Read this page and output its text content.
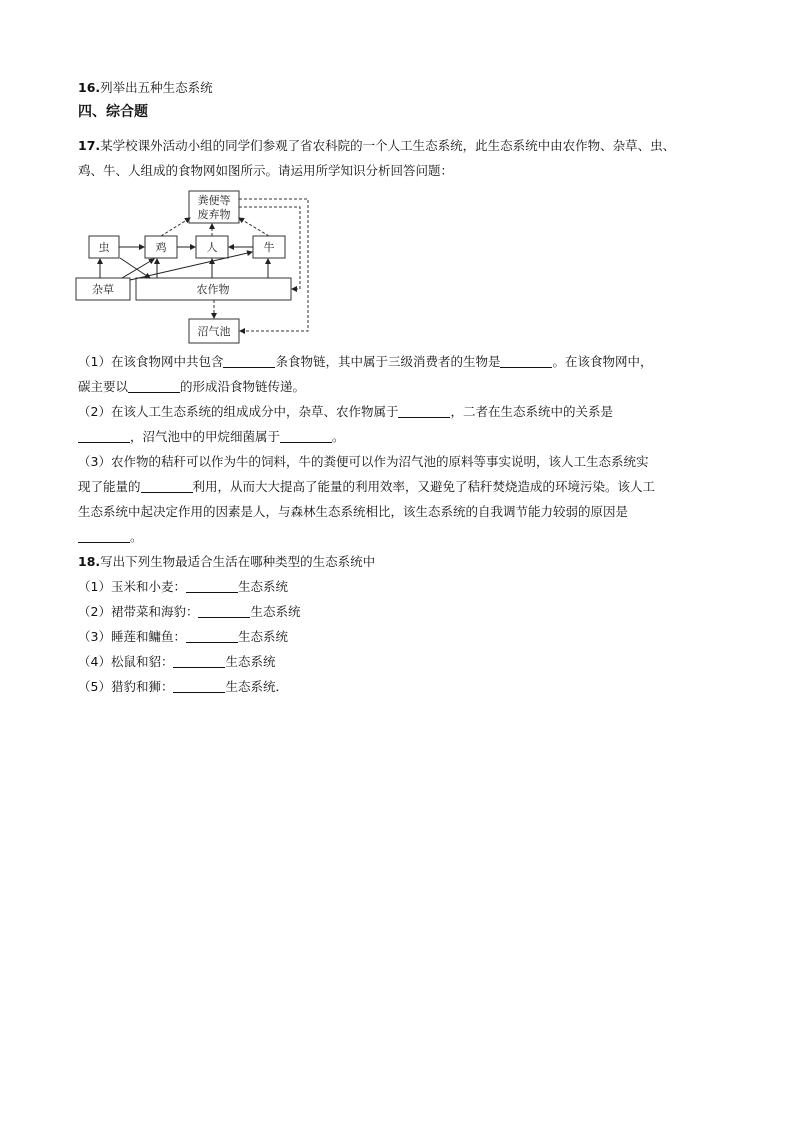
16.列举出五种生态系统
四、综合题
17.某学校课外活动小组的同学们参观了省农科院的一个人工生态系统，此生态系统中由农作物、杂草、虫、
鸡、牛、人组成的食物网如图所示。请运用所学知识分析回答问题：
粪便等
废弃物
虫	鸡	人	牛
杂草	农作物
沼气池
（1）在该食物网中共包含	条食物链，其中属于三级消费者的生物是	。在该食物网中，
碳主要以	的形成沿食物链传递。
（2）在该人工生态系统的组成成分中，杂草、农作物属于	，二者在生态系统中的关系是
，沼气池中的甲烷细菌属于	。
（3）农作物的秸秆可以作为牛的饲料，牛的粪便可以作为沼气池的原料等事实说明，该人工生态系统实
现了能量的	利用，从而大大提高了能量的利用效率，又避免了秸秆焚烧造成的环境污染。该人工
生态系统中起决定作用的因素是人，与森林生态系统相比，该生态系统的自我调节能力较弱的原因是
。
18.写出下列生物最适合生活在哪种类型的生态系统中
（1）玉米和小麦：	生态系统
（2）裙带菜和海豹：	生态系统
（3）睡莲和鳙鱼：	生态系统
（4）松鼠和貂：	生态系统
（5）猎豹和狮：	生态系统．
